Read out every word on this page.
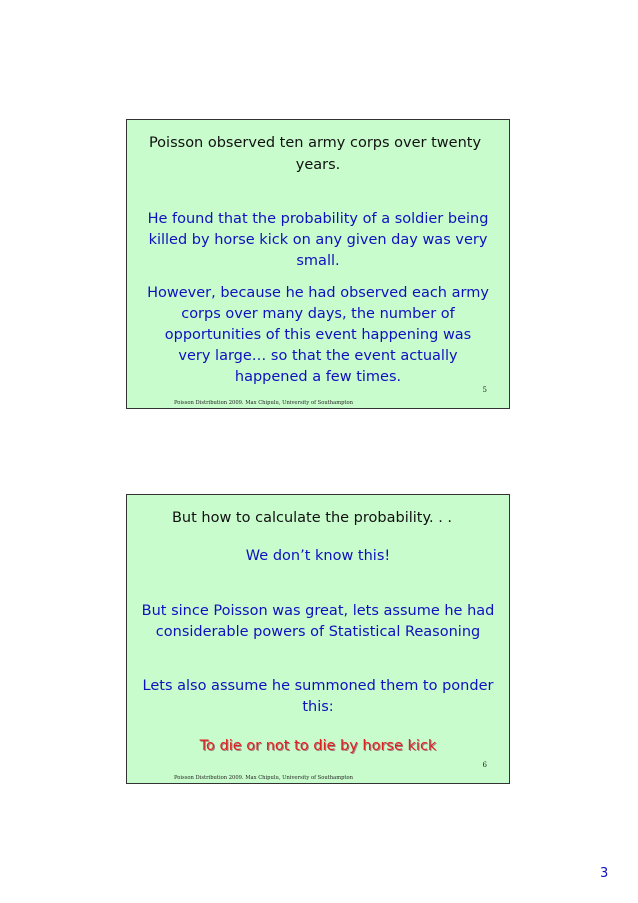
Poisson observed ten army corps over twenty
years.
He found that the probability of a soldier being
killed by horse kick on any given day was very
small.
However, because he had observed each army
corps over many days, the number of
opportunities of this event happening was
very large… so that the event actually
happened a few times.
5
Poisson Distribution 2009. Max Chipulu, University of Southampton
But how to calculate the probability. . .
We don’t know this!
But since Poisson was great, lets assume he had
considerable powers of Statistical Reasoning
Lets also assume he summoned them to ponder
this:
To die or not to die by horse kick
6
Poisson Distribution 2009. Max Chipulu, University of Southampton
3
